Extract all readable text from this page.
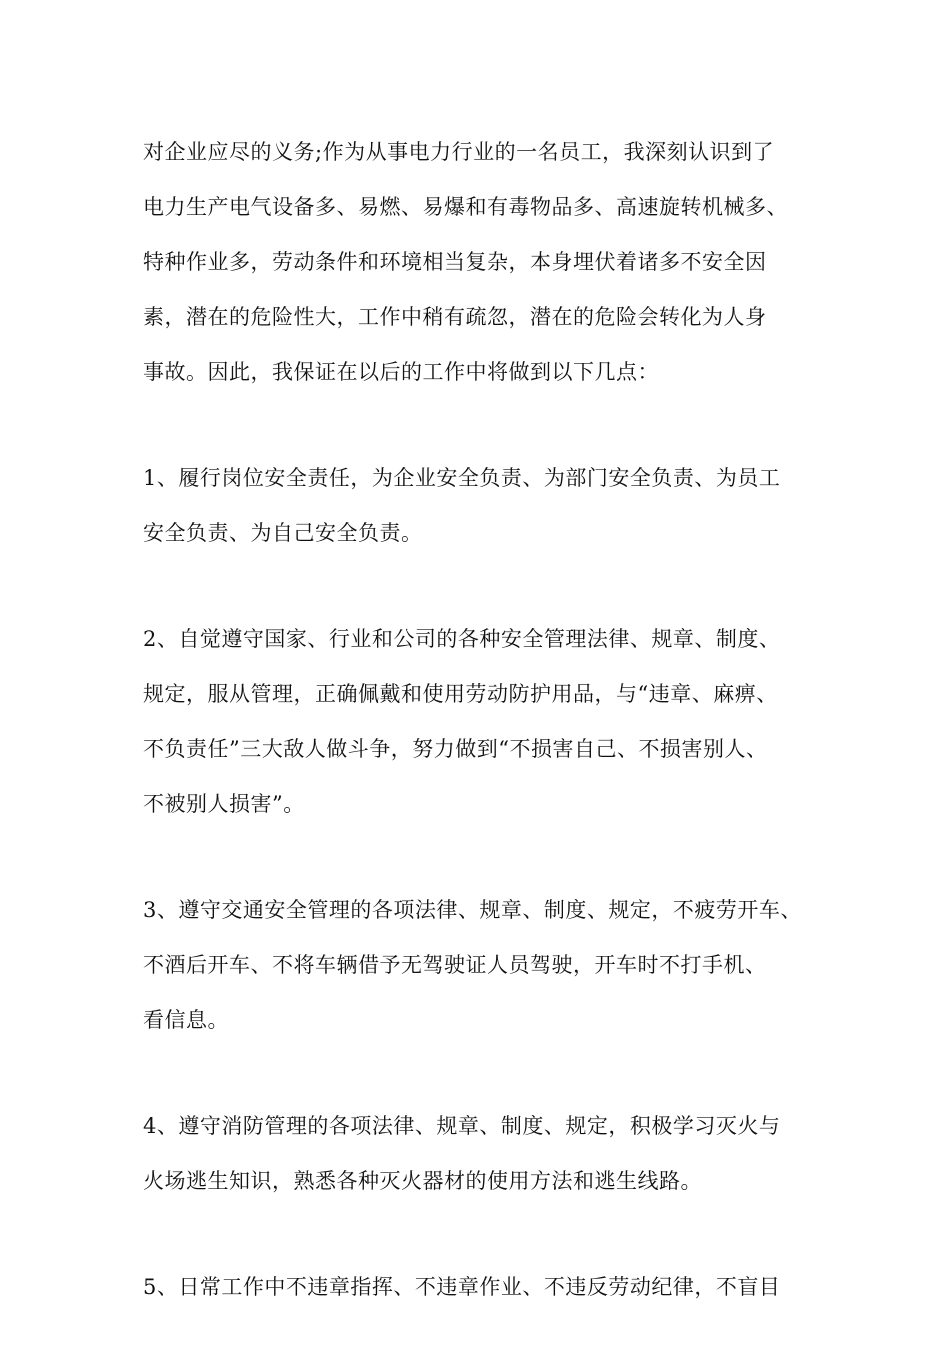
对企业应尽的义务;作为从事电力行业的一名员工，我深刻认识到了
电力生产电气设备多、易燃、易爆和有毒物品多、高速旋转机械多、
特种作业多，劳动条件和环境相当复杂，本身埋伏着诸多不安全因
素，潜在的危险性大，工作中稍有疏忽，潜在的危险会转化为人身
事故。因此，我保证在以后的工作中将做到以下几点：

1、履行岗位安全责任，为企业安全负责、为部门安全负责、为员工
安全负责、为自己安全负责。

2、自觉遵守国家、行业和公司的各种安全管理法律、规章、制度、
规定，服从管理，正确佩戴和使用劳动防护用品，与“违章、麻痹、
不负责任”三大敌人做斗争，努力做到“不损害自己、不损害别人、
不被别人损害”。

3、遵守交通安全管理的各项法律、规章、制度、规定，不疲劳开车、
不酒后开车、不将车辆借予无驾驶证人员驾驶，开车时不打手机、
看信息。

4、遵守消防管理的各项法律、规章、制度、规定，积极学习灭火与
火场逃生知识，熟悉各种灭火器材的使用方法和逃生线路。

5、日常工作中不违章指挥、不违章作业、不违反劳动纪律，不盲目
